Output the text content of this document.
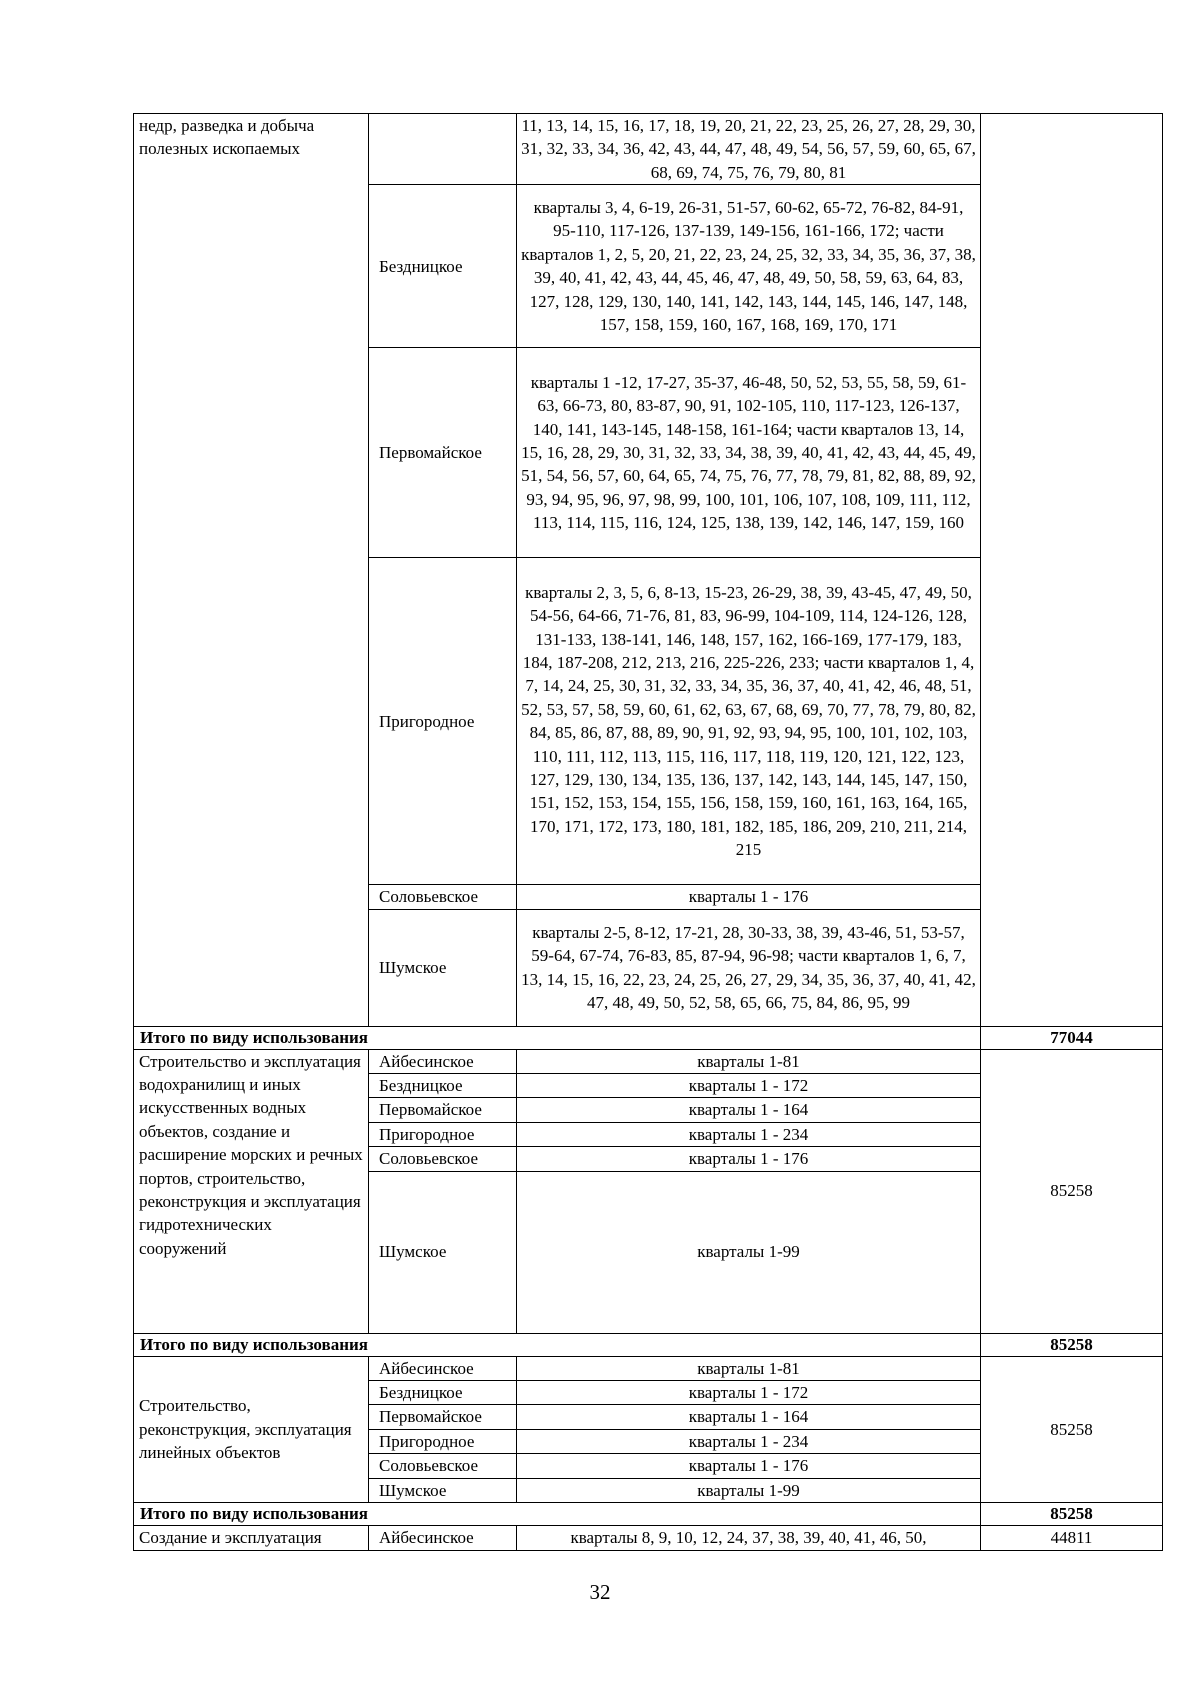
недр, разведка и добыча полезных ископаемых		11, 13, 14, 15, 16, 17, 18, 19, 20, 21, 22, 23, 25, 26, 27, 28, 29, 30, 31, 32, 33, 34, 36, 42, 43, 44, 47, 48, 49, 54, 56, 57, 59, 60, 65, 67, 68, 69, 74, 75, 76, 79, 80, 81	
	Бездницкое	кварталы 3, 4, 6-19, 26-31, 51-57, 60-62, 65-72, 76-82, 84-91, 95-110, 117-126, 137-139, 149-156, 161-166, 172; части кварталов 1, 2, 5, 20, 21, 22, 23, 24, 25, 32, 33, 34, 35, 36, 37, 38, 39, 40, 41, 42, 43, 44, 45, 46, 47, 48, 49, 50, 58, 59, 63, 64, 83, 127, 128, 129, 130, 140, 141, 142, 143, 144, 145, 146, 147, 148, 157, 158, 159, 160, 167, 168, 169, 170, 171	
	Первомайское	кварталы 1 -12, 17-27, 35-37, 46-48, 50, 52, 53, 55, 58, 59, 61-63, 66-73, 80, 83-87, 90, 91, 102-105, 110, 117-123, 126-137, 140, 141, 143-145, 148-158, 161-164; части кварталов 13, 14, 15, 16, 28, 29, 30, 31, 32, 33, 34, 38, 39, 40, 41, 42, 43, 44, 45, 49, 51, 54, 56, 57, 60, 64, 65, 74, 75, 76, 77, 78, 79, 81, 82, 88, 89, 92, 93, 94, 95, 96, 97, 98, 99, 100, 101, 106, 107, 108, 109, 111, 112, 113, 114, 115, 116, 124, 125, 138, 139, 142, 146, 147, 159, 160	
	Пригородное	кварталы 2, 3, 5, 6, 8-13, 15-23, 26-29, 38, 39, 43-45, 47, 49, 50, 54-56, 64-66, 71-76, 81, 83, 96-99, 104-109, 114, 124-126, 128, 131-133, 138-141, 146, 148, 157, 162, 166-169, 177-179, 183, 184, 187-208, 212, 213, 216, 225-226, 233; части кварталов 1, 4, 7, 14, 24, 25, 30, 31, 32, 33, 34, 35, 36, 37, 40, 41, 42, 46, 48, 51, 52, 53, 57, 58, 59, 60, 61, 62, 63, 67, 68, 69, 70, 77, 78, 79, 80, 82, 84, 85, 86, 87, 88, 89, 90, 91, 92, 93, 94, 95, 100, 101, 102, 103, 110, 111, 112, 113, 115, 116, 117, 118, 119, 120, 121, 122, 123, 127, 129, 130, 134, 135, 136, 137, 142, 143, 144, 145, 147, 150, 151, 152, 153, 154, 155, 156, 158, 159, 160, 161, 163, 164, 165, 170, 171, 172, 173, 180, 181, 182, 185, 186, 209, 210, 211, 214, 215	
	Соловьевское	кварталы 1 - 176	
	Шумское	кварталы 2-5, 8-12, 17-21, 28, 30-33, 38, 39, 43-46, 51, 53-57, 59-64, 67-74, 76-83, 85, 87-94, 96-98; части кварталов 1, 6, 7, 13, 14, 15, 16, 22, 23, 24, 25, 26, 27, 29, 34, 35, 36, 37, 40, 41, 42, 47, 48, 49, 50, 52, 58, 65, 66, 75, 84, 86, 95, 99	
Итого по виду использования			77044
Строительство и эксплуатация водохранилищ и иных искусственных водных объектов, создание и расширение морских и речных портов, строительство, реконструкция и эксплуатация гидротехнических сооружений	Айбесинское	кварталы 1-81	85258
	Бездницкое	кварталы 1 - 172	
	Первомайское	кварталы 1 - 164	
	Пригородное	кварталы 1 - 234	
	Соловьевское	кварталы 1 - 176	
	Шумское	кварталы 1-99	
Итого по виду использования			85258
Строительство, реконструкция, эксплуатация линейных объектов	Айбесинское	кварталы 1-81	85258
	Бездницкое	кварталы 1 - 172	
	Первомайское	кварталы 1 - 164	
	Пригородное	кварталы 1 - 234	
	Соловьевское	кварталы 1 - 176	
	Шумское	кварталы 1-99	
Итого по виду использования			85258
Создание и эксплуатация	Айбесинское	кварталы 8, 9, 10, 12, 24, 37, 38, 39, 40, 41, 46, 50,	44811
32
